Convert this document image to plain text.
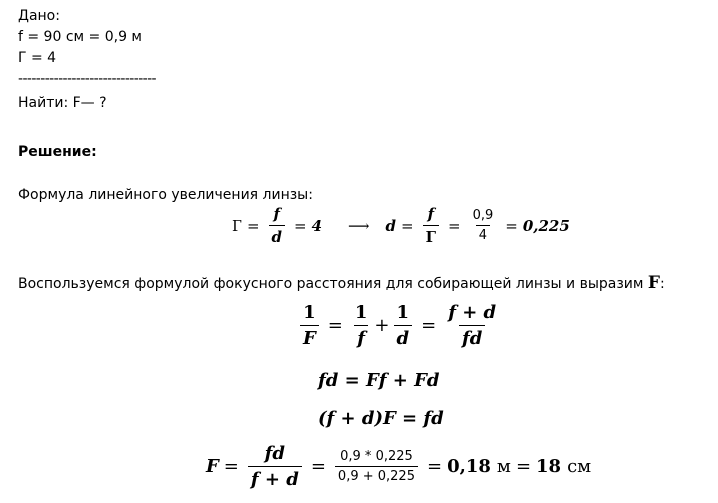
Дано:
f = 90 см = 0,9 м
Г = 4
-------------------------------
Найти: F— ?
Решение:
Формула линейного увеличения линзы:
$Г = \frac{f}{d} = 4$ ⟶ $d = \frac{f}{Г} = \frac{0,9}{4} = 0,225$
Воспользуемся формулой фокусного расстояния для собирающей линзы и выразим F:
$\frac{1}{F} = \frac{1}{f} + \frac{1}{d} = \frac{f + d}{fd}$
fd = Ff + Fd
(f + d)F = fd
$F = \frac{fd}{f + d} = \frac{0,9 * 0,225}{0,9 + 0,225} = 0,18$ м = 18 см
